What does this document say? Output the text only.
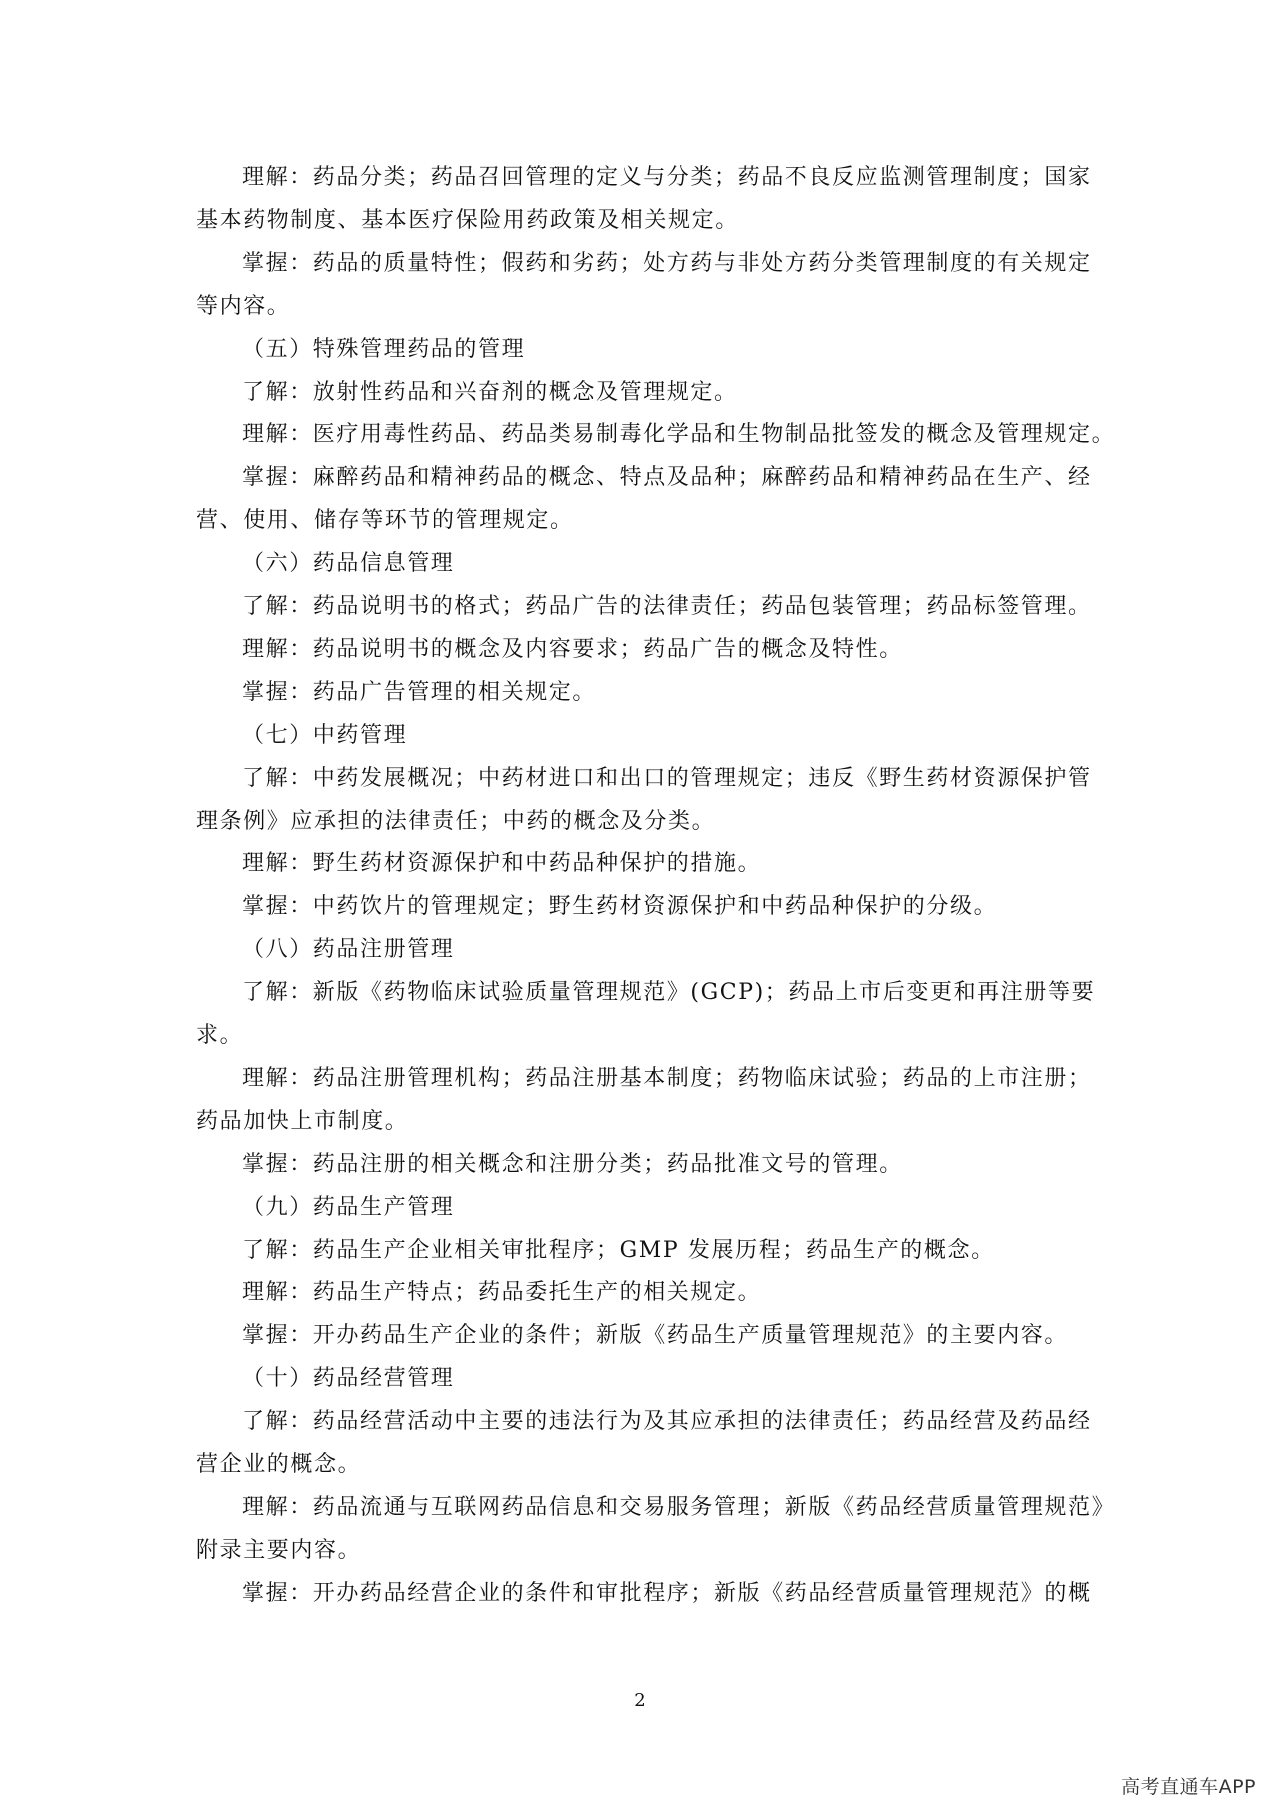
理解：药品分类；药品召回管理的定义与分类；药品不良反应监测管理制度；国家
基本药物制度、基本医疗保险用药政策及相关规定。
掌握：药品的质量特性；假药和劣药；处方药与非处方药分类管理制度的有关规定
等内容。
（五）特殊管理药品的管理
了解：放射性药品和兴奋剂的概念及管理规定。
理解：医疗用毒性药品、药品类易制毒化学品和生物制品批签发的概念及管理规定。
掌握：麻醉药品和精神药品的概念、特点及品种；麻醉药品和精神药品在生产、经
营、使用、储存等环节的管理规定。
（六）药品信息管理
了解：药品说明书的格式；药品广告的法律责任；药品包装管理；药品标签管理。
理解：药品说明书的概念及内容要求；药品广告的概念及特性。
掌握：药品广告管理的相关规定。
（七）中药管理
了解：中药发展概况；中药材进口和出口的管理规定；违反《野生药材资源保护管
理条例》应承担的法律责任；中药的概念及分类。
理解：野生药材资源保护和中药品种保护的措施。
掌握：中药饮片的管理规定；野生药材资源保护和中药品种保护的分级。
（八）药品注册管理
了解：新版《药物临床试验质量管理规范》(GCP)；药品上市后变更和再注册等要
求。
理解：药品注册管理机构；药品注册基本制度；药物临床试验；药品的上市注册；
药品加快上市制度。
掌握：药品注册的相关概念和注册分类；药品批准文号的管理。
（九）药品生产管理
了解：药品生产企业相关审批程序；GMP 发展历程；药品生产的概念。
理解：药品生产特点；药品委托生产的相关规定。
掌握：开办药品生产企业的条件；新版《药品生产质量管理规范》的主要内容。
（十）药品经营管理
了解：药品经营活动中主要的违法行为及其应承担的法律责任；药品经营及药品经
营企业的概念。
理解：药品流通与互联网药品信息和交易服务管理；新版《药品经营质量管理规范》
附录主要内容。
掌握：开办药品经营企业的条件和审批程序；新版《药品经营质量管理规范》的概
2
高考直通车APP
